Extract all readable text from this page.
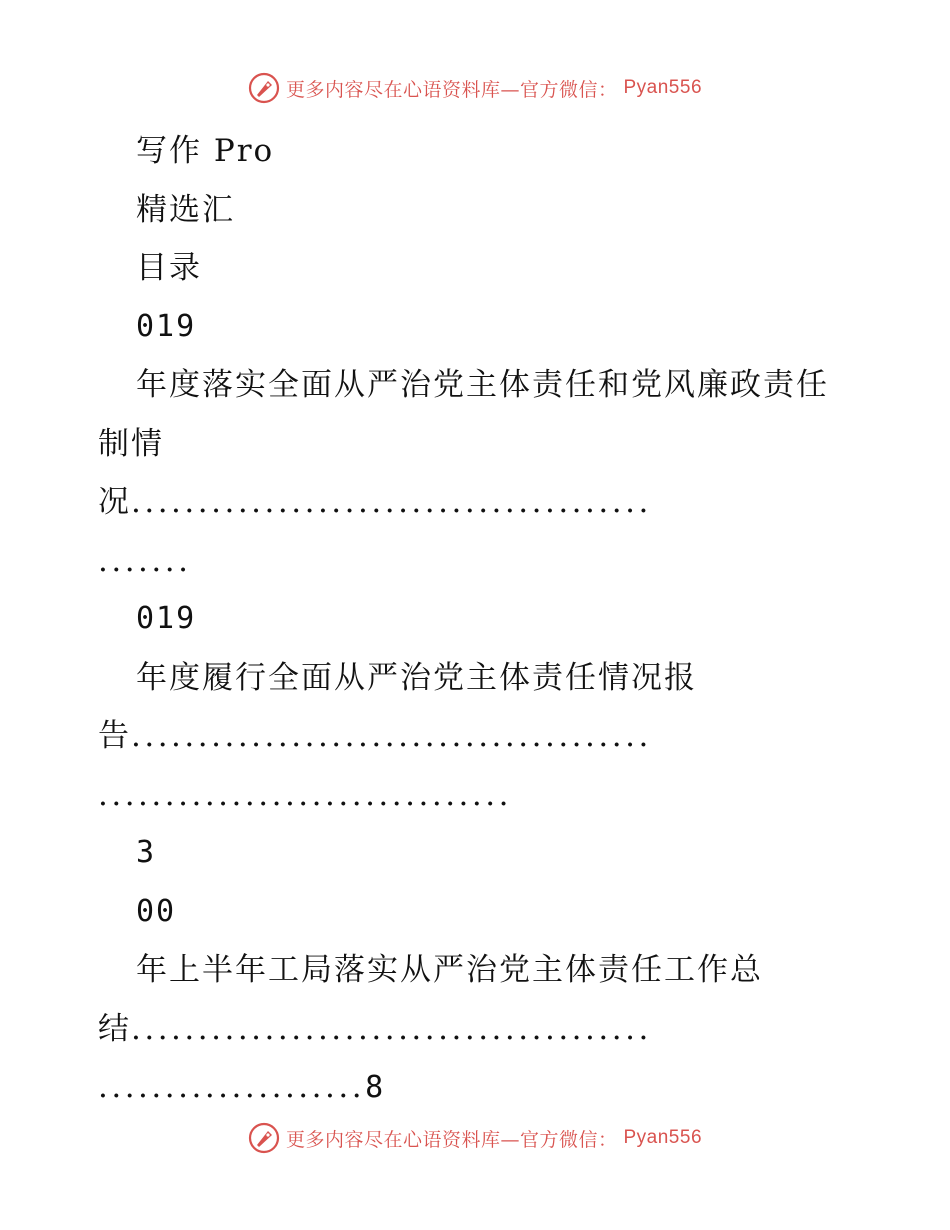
更多内容尽在心语资料库—官方微信： Pyan556
写作 Pro
精选汇
目录
019
年度落实全面从严治党主体责任和党风廉政责任
制情
况.......................................
.......
019
年度履行全面从严治党主体责任情况报
告.......................................
...............................
3
00
年上半年工局落实从严治党主体责任工作总
结.......................................
....................8
更多内容尽在心语资料库—官方微信： Pyan556
